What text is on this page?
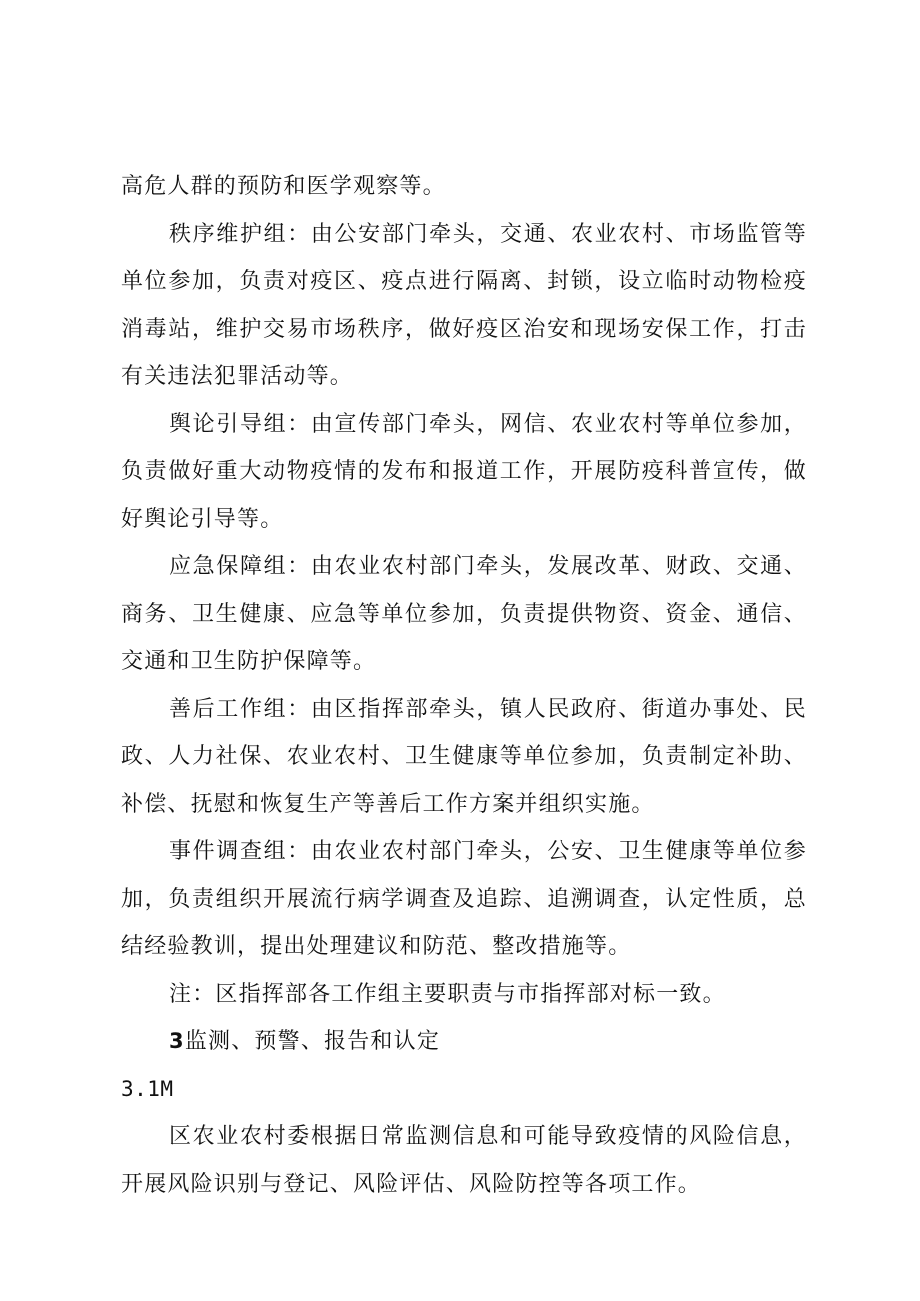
高危人群的预防和医学观察等。

秩序维护组：由公安部门牵头，交通、农业农村、市场监管等单位参加，负责对疫区、疫点进行隔离、封锁，设立临时动物检疫消毒站，维护交易市场秩序，做好疫区治安和现场安保工作，打击有关违法犯罪活动等。

舆论引导组：由宣传部门牵头，网信、农业农村等单位参加，负责做好重大动物疫情的发布和报道工作，开展防疫科普宣传，做好舆论引导等。

应急保障组：由农业农村部门牵头，发展改革、财政、交通、商务、卫生健康、应急等单位参加，负责提供物资、资金、通信、交通和卫生防护保障等。

善后工作组：由区指挥部牵头，镇人民政府、街道办事处、民政、人力社保、农业农村、卫生健康等单位参加，负责制定补助、补偿、抚慰和恢复生产等善后工作方案并组织实施。

事件调查组：由农业农村部门牵头，公安、卫生健康等单位参加，负责组织开展流行病学调查及追踪、追溯调查，认定性质，总结经验教训，提出处理建议和防范、整改措施等。

注：区指挥部各工作组主要职责与市指挥部对标一致。

3监测、预警、报告和认定

3.1M

区农业农村委根据日常监测信息和可能导致疫情的风险信息，开展风险识别与登记、风险评估、风险防控等各项工作。
